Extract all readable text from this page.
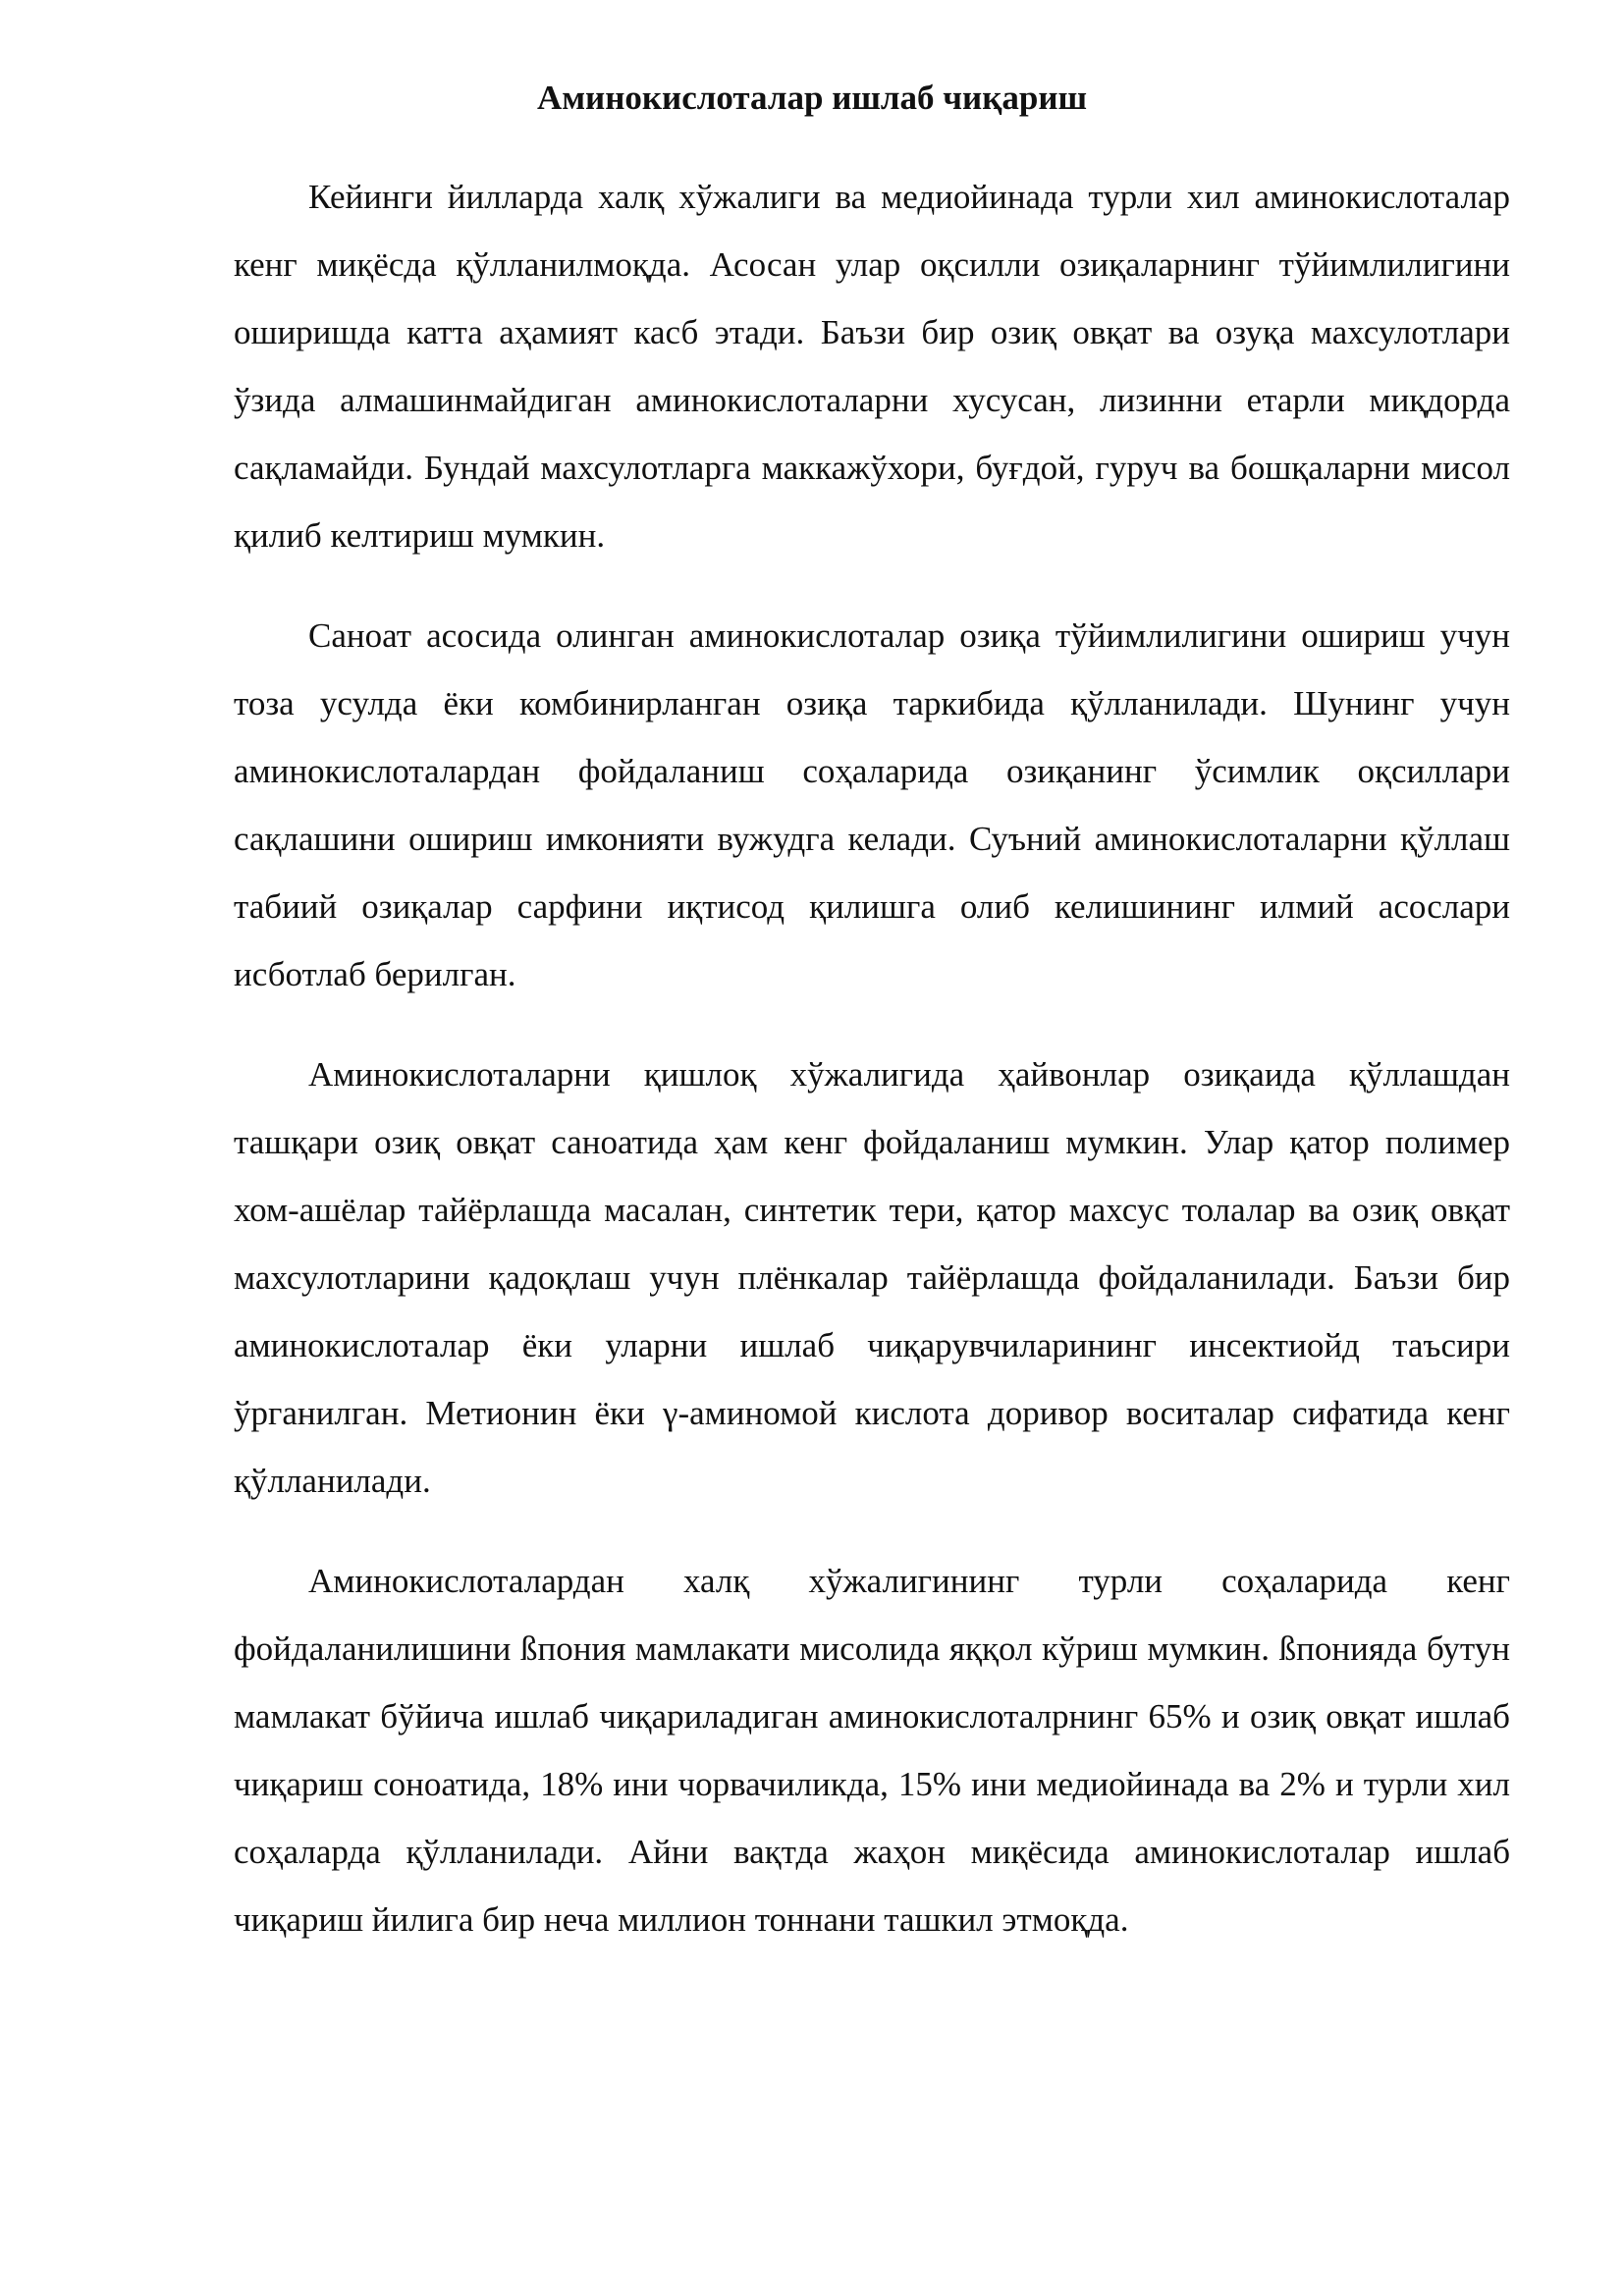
Аминокислоталар ишлаб чиқариш

Кейинги йилларда халқ хўжалиги ва медиойинада турли хил аминокислоталар кенг миқёсда қўлланилмоқда. Асосан улар оқсилли озиқаларнинг тўйимлилигини оширишда катта аҳамият касб этади. Баъзи бир озиқ овқат ва озуқа махсулотлари ўзида алмашинмайдиган аминокислоталарни хусусан, лизинни етарли миқдорда сақламайди. Бундай махсулотларга маккажўхори, буғдой, гуруч ва бошқаларни мисол қилиб келтириш мумкин.

Саноат асосида олинган аминокислоталар озиқа тўйимлилигини ошириш учун тоза усулда ёки комбинирланган озиқа таркибида қўлланилади. Шунинг учун аминокислоталардан фойдаланиш соҳаларида озиқанинг ўсимлик оқсиллари сақлашини ошириш имконияти вужудга келади. Суъний аминокислоталарни қўллаш табиий озиқалар сарфини иқтисод қилишга олиб келишининг илмий асослари исботлаб берилган.

Аминокислоталарни қишлоқ хўжалигида ҳайвонлар озиқаида қўллашдан ташқари озиқ овқат саноатида ҳам кенг фойдаланиш мумкин. Улар қатор полимер хом-ашёлар тайёрлашда масалан, синтетик тери, қатор махсус толалар ва озиқ овқат махсулотларини қадоқлаш учун плёнкалар тайёрлашда фойдаланилади. Баъзи бир аминокислоталар ёки уларни ишлаб чиқарувчиларининг инсектиойд таъсири ўрганилган. Метионин ёки γ-аминомой кислота доривор воситалар сифатида кенг қўлланилади.

Аминокислоталардан халқ хўжалигининг турли соҳаларида кенг фойдаланилишини ßпония мамлакати мисолида яққол кўриш мумкин. ßпонияда бутун мамлакат бўйича ишлаб чиқариладиган аминокислоталрнинг 65% и озиқ овқат ишлаб чиқариш соноатида, 18% ини чорвачиликда, 15% ини медиойинада ва 2% и турли хил соҳаларда қўлланилади. Айни вақтда жаҳон миқёсида аминокислоталар ишлаб чиқариш йилига бир неча миллион тоннани ташкил этмоқда.
